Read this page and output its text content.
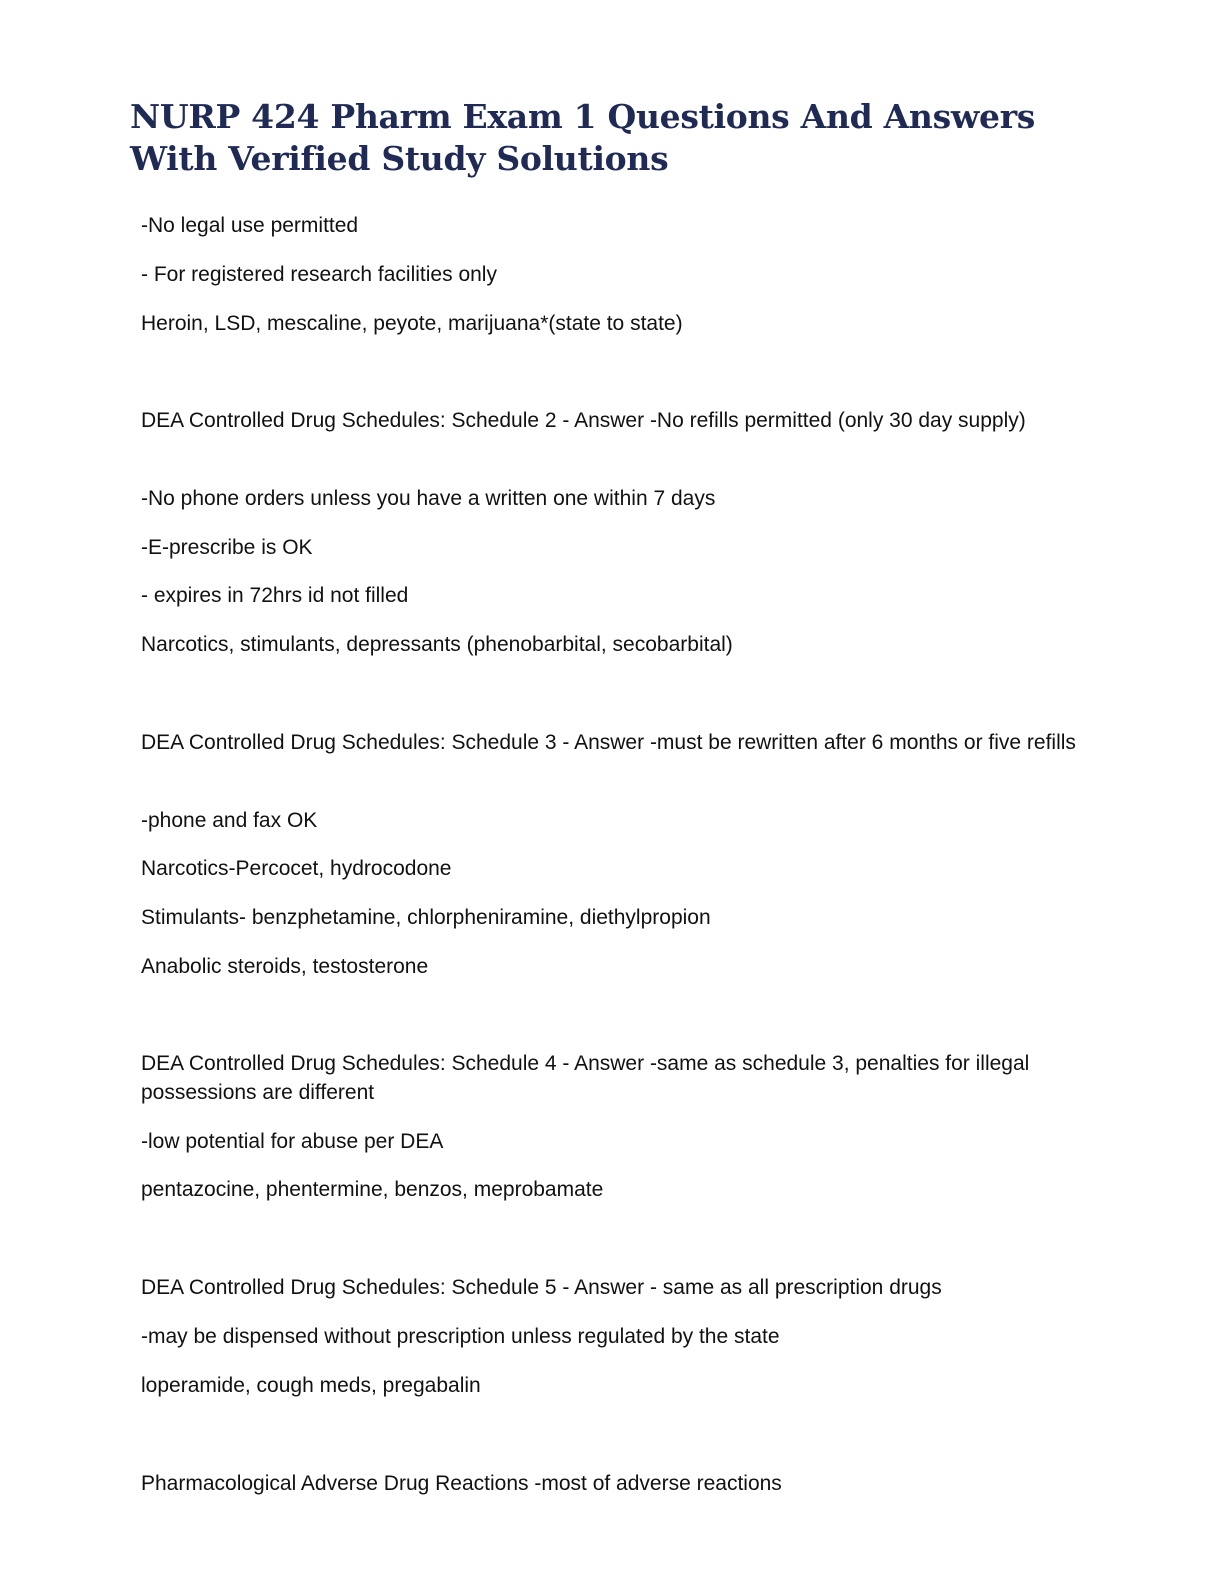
NURP 424 Pharm Exam 1 Questions And Answers With Verified Study Solutions

-No legal use permitted

- For registered research facilities only

Heroin, LSD, mescaline, peyote, marijuana*(state to state)

DEA Controlled Drug Schedules: Schedule 2 - Answer -No refills permitted (only 30 day supply)

-No phone orders unless you have a written one within 7 days

-E-prescribe is OK

- expires in 72hrs id not filled

Narcotics, stimulants, depressants (phenobarbital, secobarbital)

DEA Controlled Drug Schedules: Schedule 3 - Answer -must be rewritten after 6 months or five refills

-phone and fax OK

Narcotics-Percocet, hydrocodone

Stimulants- benzphetamine, chlorpheniramine, diethylpropion

Anabolic steroids, testosterone

DEA Controlled Drug Schedules: Schedule 4 - Answer -same as schedule 3, penalties for illegal possessions are different

-low potential for abuse per DEA

pentazocine, phentermine, benzos, meprobamate

DEA Controlled Drug Schedules: Schedule 5 - Answer - same as all prescription drugs

-may be dispensed without prescription unless regulated by the state

loperamide, cough meds, pregabalin

Pharmacological Adverse Drug Reactions -most of adverse reactions
